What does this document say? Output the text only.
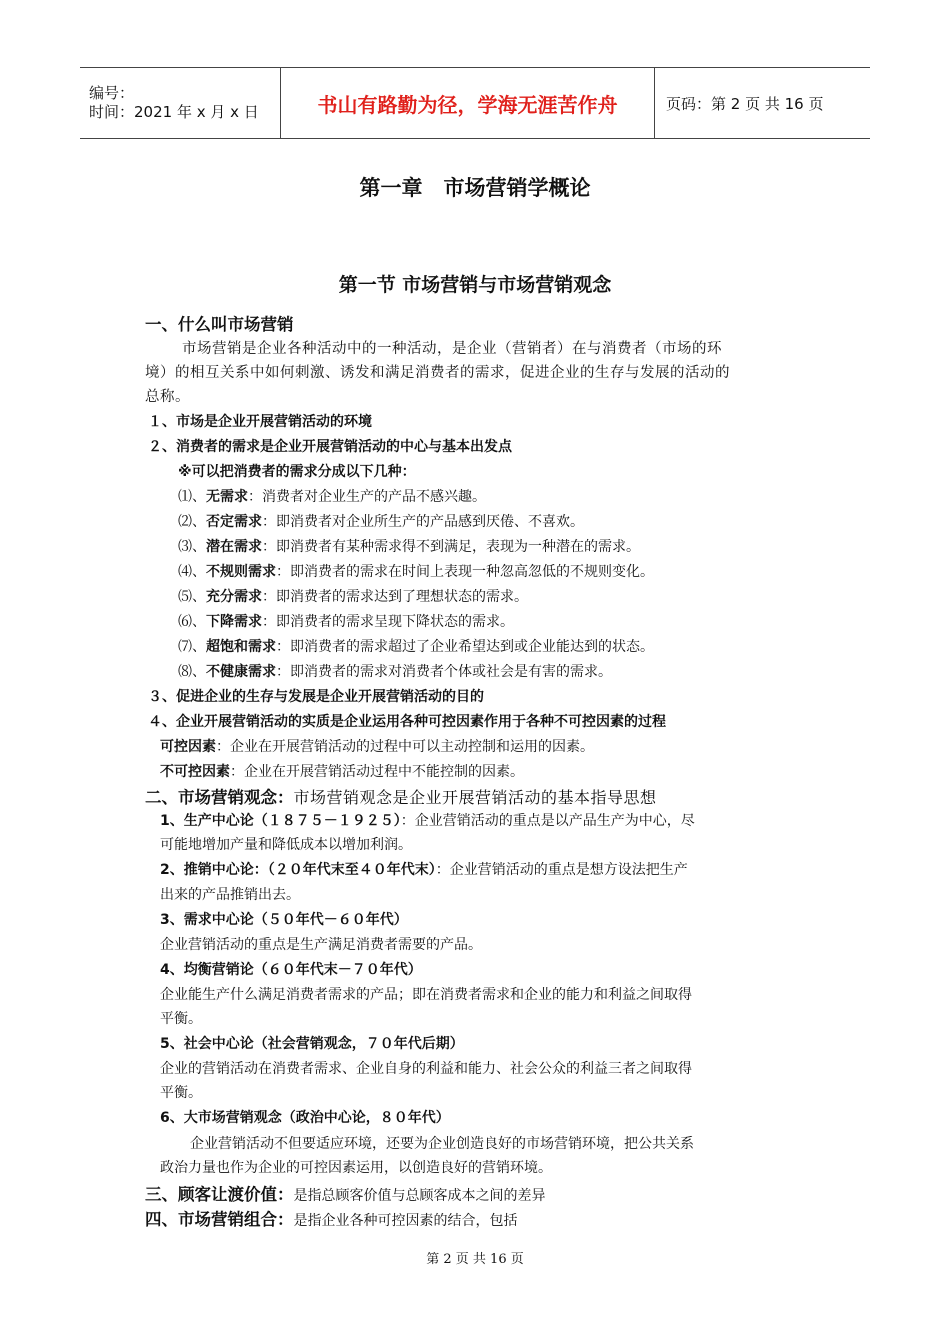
编号：
时间：2021 年 x 月 x 日	书山有路勤为径，学海无涯苦作舟	页码：第 2 页 共 16 页
第一章　市场营销学概论
第一节 市场营销与市场营销观念
一、什么叫市场营销
市场营销是企业各种活动中的一种活动，是企业（营销者）在与消费者（市场的环
境）的相互关系中如何刺激、诱发和满足消费者的需求，促进企业的生存与发展的活动的
总称。
１、市场是企业开展营销活动的环境
２、消费者的需求是企业开展营销活动的中心与基本出发点
※可以把消费者的需求分成以下几种：
⑴、无需求：消费者对企业生产的产品不感兴趣。
⑵、否定需求：即消费者对企业所生产的产品感到厌倦、不喜欢。
⑶、潜在需求：即消费者有某种需求得不到满足，表现为一种潜在的需求。
⑷、不规则需求：即消费者的需求在时间上表现一种忽高忽低的不规则变化。
⑸、充分需求：即消费者的需求达到了理想状态的需求。
⑹、下降需求：即消费者的需求呈现下降状态的需求。
⑺、超饱和需求：即消费者的需求超过了企业希望达到或企业能达到的状态。
⑻、不健康需求：即消费者的需求对消费者个体或社会是有害的需求。
３、促进企业的生存与发展是企业开展营销活动的目的
４、企业开展营销活动的实质是企业运用各种可控因素作用于各种不可控因素的过程
可控因素：企业在开展营销活动的过程中可以主动控制和运用的因素。
不可控因素：企业在开展营销活动过程中不能控制的因素。
二、市场营销观念：市场营销观念是企业开展营销活动的基本指导思想
1、生产中心论（１８７５－１９２５）：企业营销活动的重点是以产品生产为中心，尽
可能地增加产量和降低成本以增加利润。
2、推销中心论：（２０年代末至４０年代末）：企业营销活动的重点是想方设法把生产
出来的产品推销出去。
3、需求中心论（５０年代－６０年代）
企业营销活动的重点是生产满足消费者需要的产品。
4、均衡营销论（６０年代末－７０年代）
企业能生产什么满足消费者需求的产品；即在消费者需求和企业的能力和利益之间取得
平衡。
5、社会中心论（社会营销观念，７０年代后期）
企业的营销活动在消费者需求、企业自身的利益和能力、社会公众的利益三者之间取得
平衡。
6、大市场营销观念（政治中心论，８０年代）
企业营销活动不但要适应环境，还要为企业创造良好的市场营销环境，把公共关系
政治力量也作为企业的可控因素运用，以创造良好的营销环境。
三、顾客让渡价值：是指总顾客价值与总顾客成本之间的差异
四、市场营销组合：是指企业各种可控因素的结合，包括
第 2 页 共 16 页
